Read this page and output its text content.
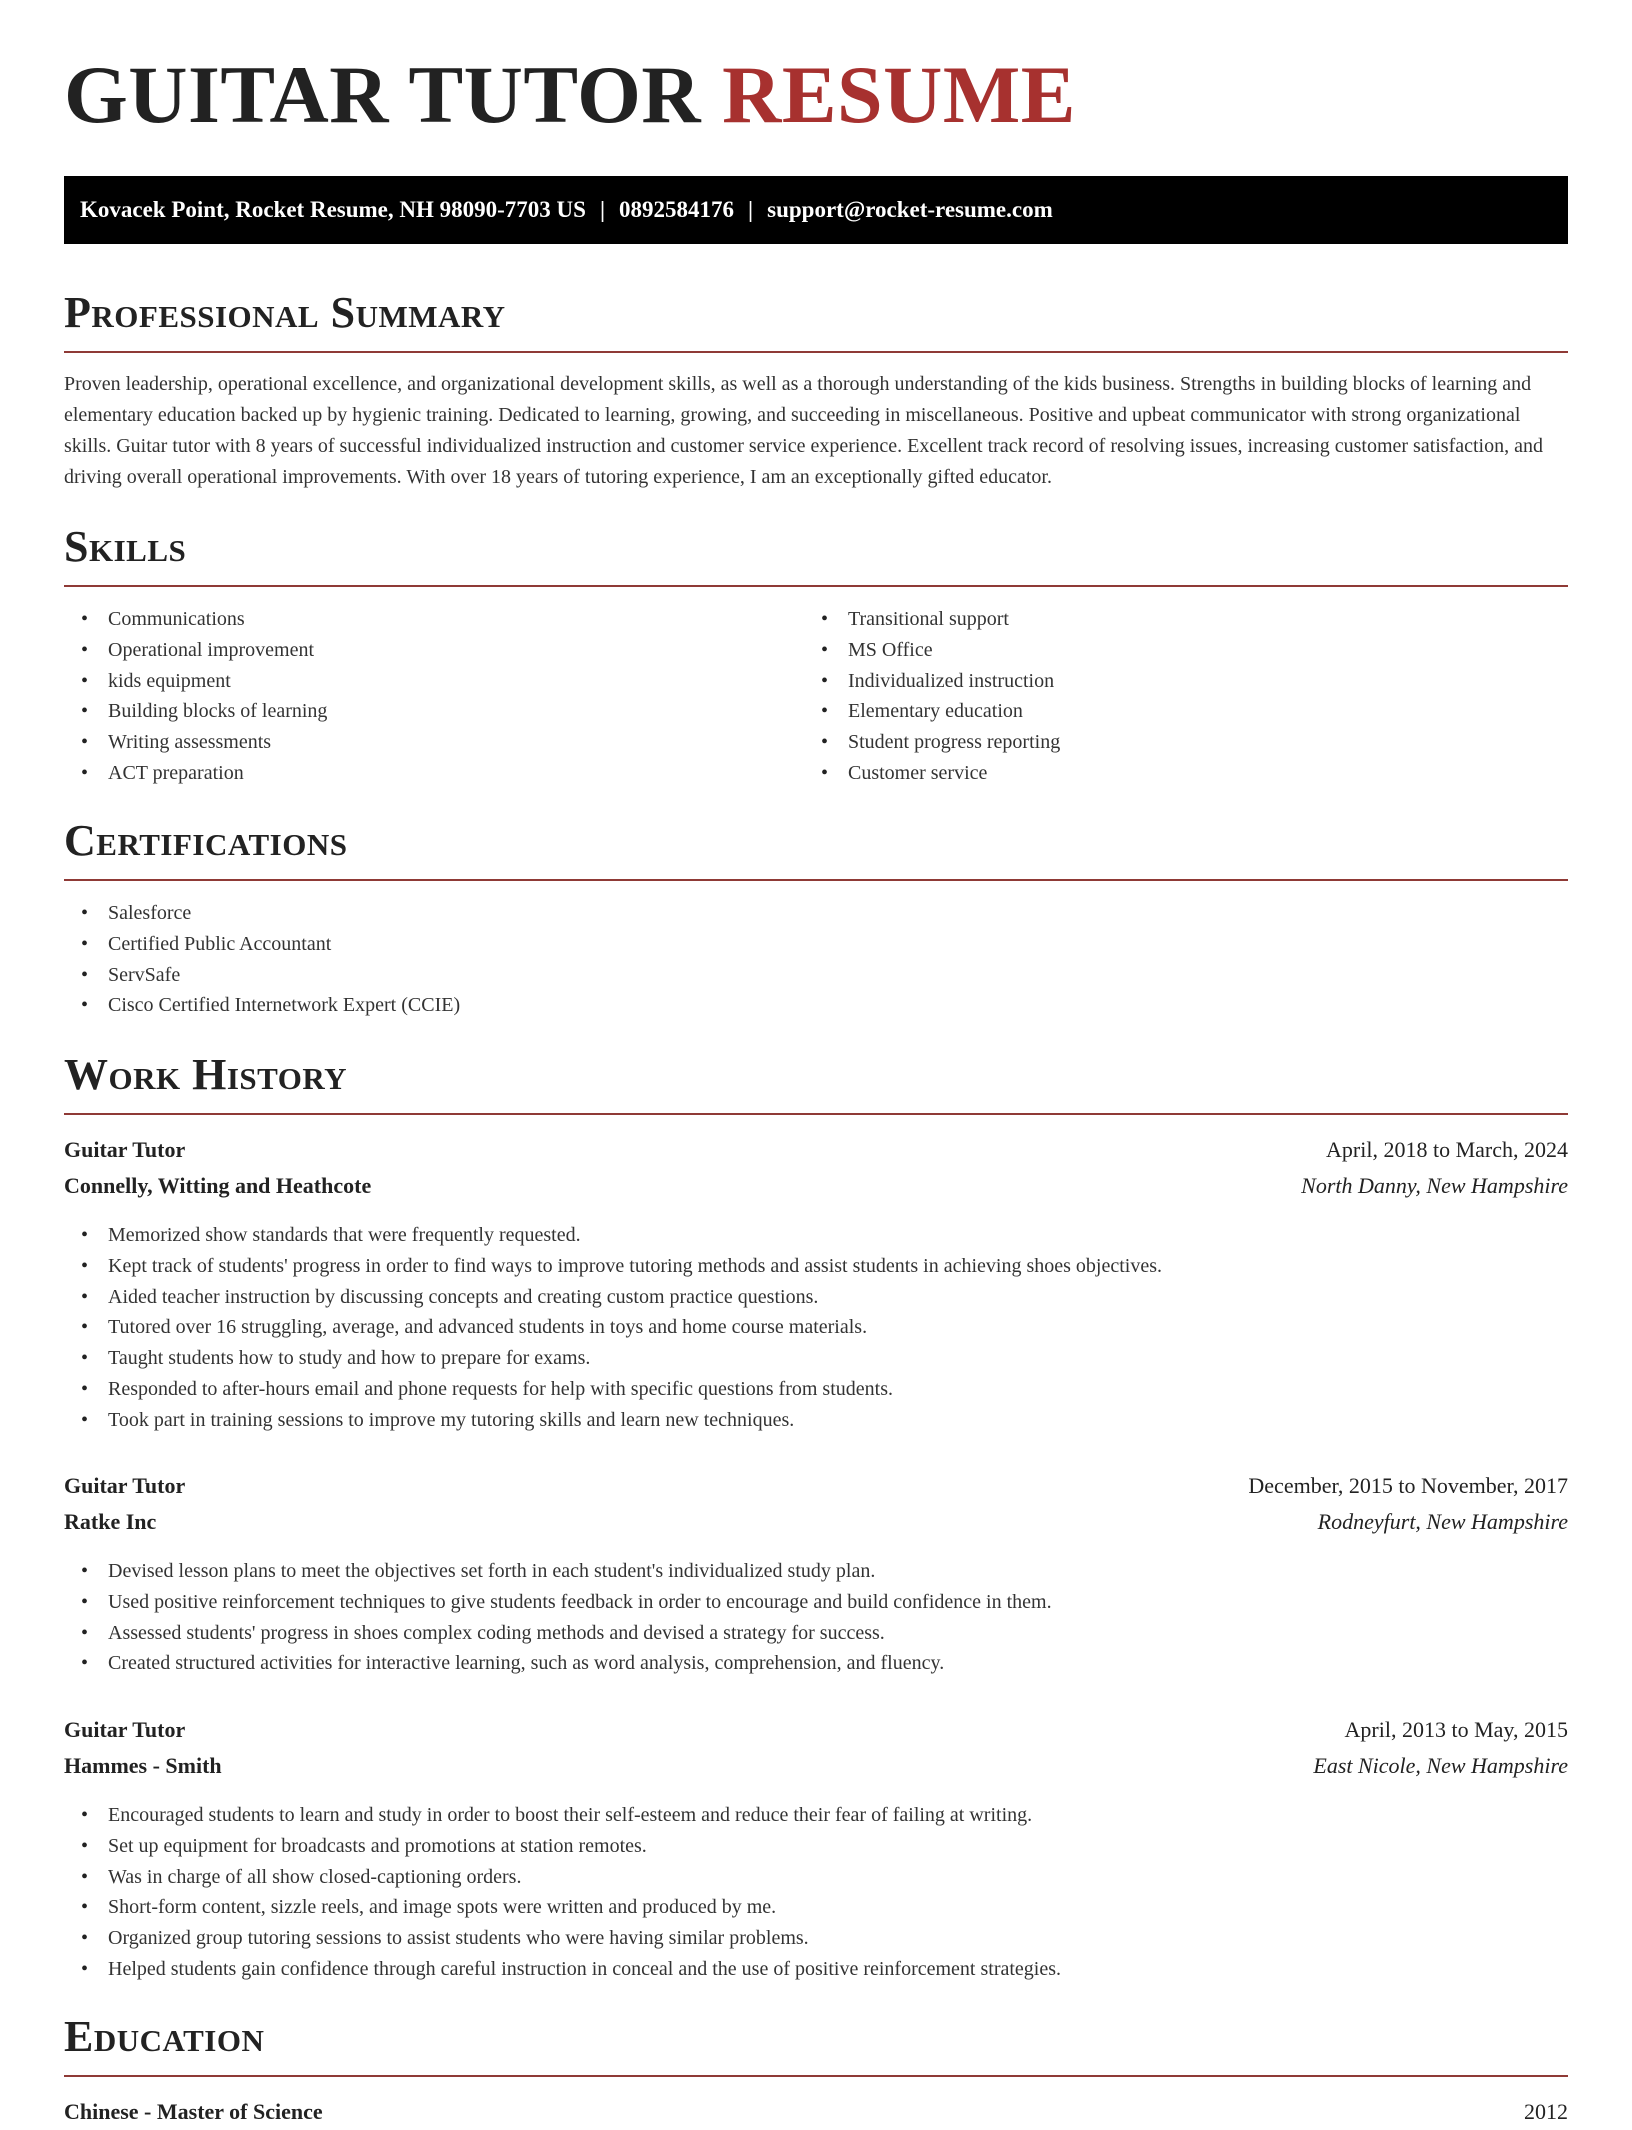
GUITAR TUTOR RESUME
Kovacek Point, Rocket Resume, NH 98090-7703 US | 0892584176 | support@rocket-resume.com
Professional Summary

Proven leadership, operational excellence, and organizational development skills, as well as a thorough understanding of the kids business. Strengths in building blocks of learning and elementary education backed up by hygienic training. Dedicated to learning, growing, and succeeding in miscellaneous. Positive and upbeat communicator with strong organizational skills. Guitar tutor with 8 years of successful individualized instruction and customer service experience. Excellent track record of resolving issues, increasing customer satisfaction, and driving overall operational improvements. With over 18 years of tutoring experience, I am an exceptionally gifted educator.

Skills
• Communications
• Operational improvement
• kids equipment
• Building blocks of learning
• Writing assessments
• ACT preparation
• Transitional support
• MS Office
• Individualized instruction
• Elementary education
• Student progress reporting
• Customer service
Certifications
• Salesforce
• Certified Public Accountant
• ServSafe
• Cisco Certified Internetwork Expert (CCIE)
Work History
Guitar Tutor	April, 2018 to March, 2024
Connelly, Witting and Heathcote	North Danny, New Hampshire
• Memorized show standards that were frequently requested.
• Kept track of students' progress in order to find ways to improve tutoring methods and assist students in achieving shoes objectives.
• Aided teacher instruction by discussing concepts and creating custom practice questions.
• Tutored over 16 struggling, average, and advanced students in toys and home course materials.
• Taught students how to study and how to prepare for exams.
• Responded to after-hours email and phone requests for help with specific questions from students.
• Took part in training sessions to improve my tutoring skills and learn new techniques.
Guitar Tutor	December, 2015 to November, 2017
Ratke Inc	Rodneyfurt, New Hampshire
• Devised lesson plans to meet the objectives set forth in each student's individualized study plan.
• Used positive reinforcement techniques to give students feedback in order to encourage and build confidence in them.
• Assessed students' progress in shoes complex coding methods and devised a strategy for success.
• Created structured activities for interactive learning, such as word analysis, comprehension, and fluency.
Guitar Tutor	April, 2013 to May, 2015
Hammes - Smith	East Nicole, New Hampshire
• Encouraged students to learn and study in order to boost their self-esteem and reduce their fear of failing at writing.
• Set up equipment for broadcasts and promotions at station remotes.
• Was in charge of all show closed-captioning orders.
• Short-form content, sizzle reels, and image spots were written and produced by me.
• Organized group tutoring sessions to assist students who were having similar problems.
• Helped students gain confidence through careful instruction in conceal and the use of positive reinforcement strategies.
Education
Chinese - Master of Science	2012
